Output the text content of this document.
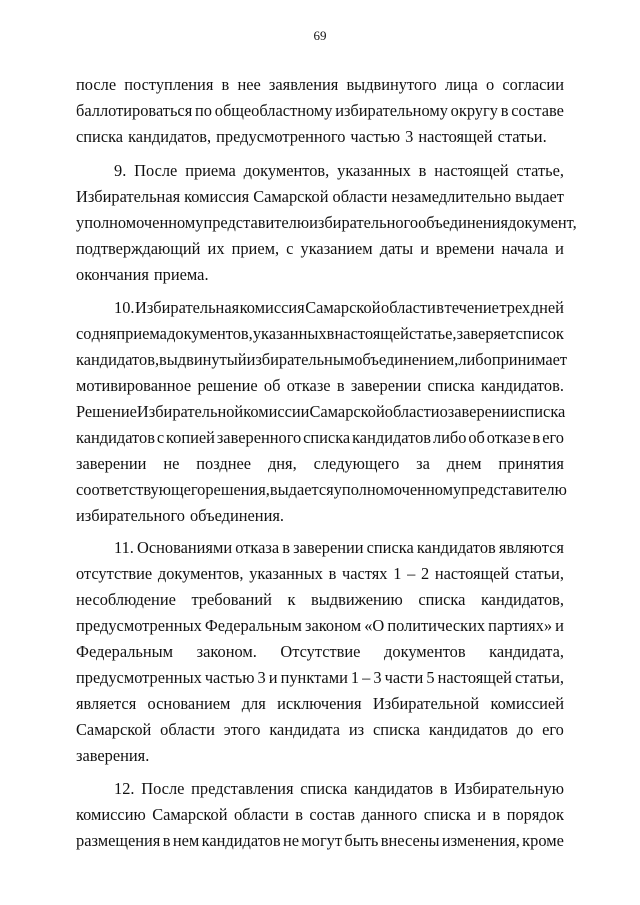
69
после поступления в нее заявления выдвинутого лица о согласии
баллотироваться по общеобластному избирательному округу в составе
списка кандидатов, предусмотренного частью 3 настоящей статьи.
9. После приема документов, указанных в настоящей статье,
Избирательная комиссия Самарской области незамедлительно выдает
уполномоченному представителю избирательного объединения документ,
подтверждающий их прием, с указанием даты и времени начала и
окончания приема.
10. Избирательная комиссия Самарской области в течение трех дней
со дня приема документов, указанных в настоящей статье, заверяет список
кандидатов, выдвинутый избирательным объединением, либо принимает
мотивированное решение об отказе в заверении списка кандидатов.
Решение Избирательной комиссии Самарской области о заверении списка
кандидатов с копией заверенного списка кандидатов либо об отказе в его
заверении не позднее дня, следующего за днем принятия
соответствующего решения, выдается уполномоченному представителю
избирательного объединения.
11. Основаниями отказа в заверении списка кандидатов являются
отсутствие документов, указанных в частях 1 – 2 настоящей статьи,
несоблюдение требований к выдвижению списка кандидатов,
предусмотренных Федеральным законом «О политических партиях» и
Федеральным законом. Отсутствие документов кандидата,
предусмотренных частью 3 и пунктами 1 – 3 части 5 настоящей статьи,
является основанием для исключения Избирательной комиссией
Самарской области этого кандидата из списка кандидатов до его
заверения.
12. После представления списка кандидатов в Избирательную
комиссию Самарской области в состав данного списка и в порядок
размещения в нем кандидатов не могут быть внесены изменения, кроме
